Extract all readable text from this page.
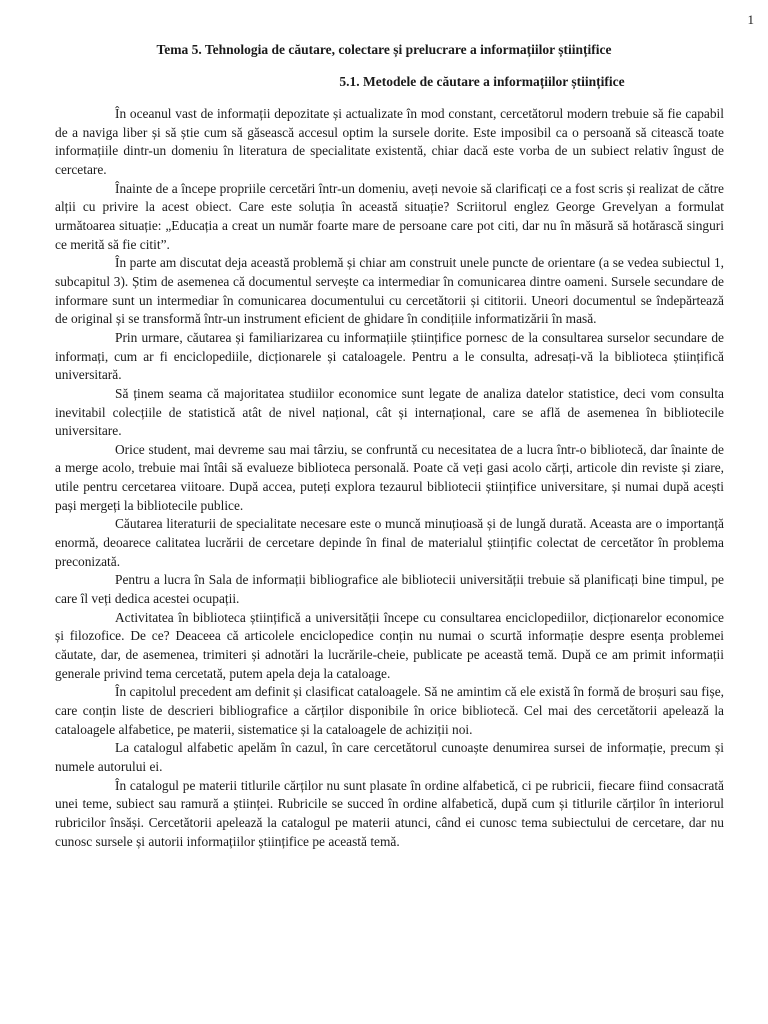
1
Tema 5. Tehnologia de căutare, colectare și prelucrare a informațiilor științifice
5.1. Metodele de căutare a informațiilor științifice

În oceanul vast de informații depozitate și actualizate în mod constant, cercetătorul modern trebuie să fie capabil de a naviga liber și să știe cum să găsească accesul optim la sursele dorite. Este imposibil ca o persoană să citească toate informațiile dintr-un domeniu în literatura de specialitate existentă, chiar dacă este vorba de un subiect relativ îngust de cercetare.

Înainte de a începe propriile cercetări într-un domeniu, aveți nevoie să clarificați ce a fost scris și realizat de către alții cu privire la acest obiect. Care este soluția în această situație? Scriitorul englez George Grevelyan a formulat următoarea situație: „Educația a creat un număr foarte mare de persoane care pot citi, dar nu în măsură să hotărască singuri ce merită să fie citit”.

În parte am discutat deja această problemă și chiar am construit unele puncte de orientare (a se vedea subiectul 1, subcapitul 3). Știm de asemenea că documentul servește ca intermediar în comunicarea dintre oameni. Sursele secundare de informare sunt un intermediar în comunicarea documentului cu cercetătorii și cititorii. Uneori documentul se îndepărtează de original și se transformă într-un instrument eficient de ghidare în condițiile informatizării în masă.

Prin urmare, căutarea și familiarizarea cu informațiile științifice pornesc de la consultarea surselor secundare de informați, cum ar fi enciclopediile, dicționarele și cataloagele. Pentru a le consulta, adresați-vă la biblioteca științifică universitară.

Să ținem seama că majoritatea studiilor economice sunt legate de analiza datelor statistice, deci vom consulta inevitabil colecțiile de statistică atât de nivel național, cât și internațional, care se află de asemenea în bibliotecile universitare.

Orice student, mai devreme sau mai târziu, se confruntă cu necesitatea de a lucra într-o bibliotecă, dar înainte de a merge acolo, trebuie mai întâi să evalueze biblioteca personală. Poate că veți gasi acolo cărți, articole din reviste și ziare, utile pentru cercetarea viitoare. După accea, puteți explora tezaurul bibliotecii științifice universitare, și numai după acești pași mergeți la bibliotecile publice.

Căutarea literaturii de specialitate necesare este o muncă minuțioasă și de lungă durată. Aceasta are o importanță enormă, deoarece calitatea lucrării de cercetare depinde în final de materialul științific colectat de cercetător în problema preconizată.

Pentru a lucra în Sala de informații bibliografice ale bibliotecii universității trebuie să planificați bine timpul, pe care îl veți dedica acestei ocupații.

Activitatea în biblioteca științifică a universității începe cu consultarea enciclopediilor, dicționarelor economice și filozofice. De ce? Deaceea că articolele enciclopedice conțin nu numai o scurtă informație despre esența problemei căutate, dar, de asemenea, trimiteri și adnotări la lucrările-cheie, publicate pe această temă. După ce am primit informații generale privind tema cercetată, putem apela deja la cataloage.

În capitolul precedent am definit și clasificat cataloagele. Să ne amintim că ele există în formă de broșuri sau fișe, care conțin liste de descrieri bibliografice a cărților disponibile în orice bibliotecă. Cel mai des cercetătorii apelează la cataloagele alfabetice, pe materii, sistematice și la cataloagele de achiziții noi.

La catalogul alfabetic apelăm în cazul, în care cercetătorul cunoaște denumirea sursei de informație, precum și numele autorului ei.

În catalogul pe materii titlurile cărților nu sunt plasate în ordine alfabetică, ci pe rubricii, fiecare fiind consacrată unei teme, subiect sau ramură a științei. Rubricile se succed în ordine alfabetică, după cum și titlurile cărților în interiorul rubricilor însăși. Cercetătorii apelează la catalogul pe materii atunci, când ei cunosc tema subiectului de cercetare, dar nu cunosc sursele și autorii informațiilor științifice pe această temă.
